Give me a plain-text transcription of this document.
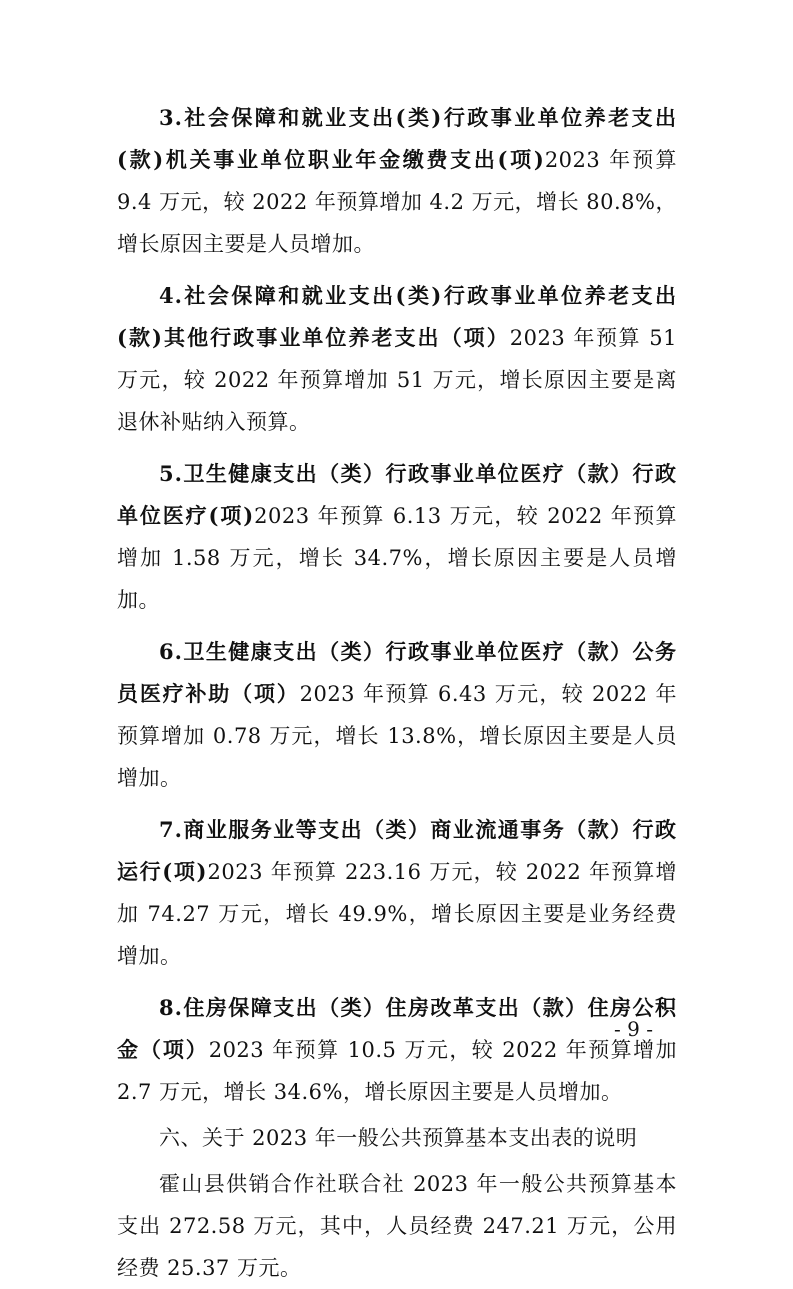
3.社会保障和就业支出(类)行政事业单位养老支出(款)机关事业单位职业年金缴费支出(项)2023 年预算 9.4 万元，较 2022 年预算增加 4.2 万元，增长 80.8%，增长原因主要是人员增加。

4.社会保障和就业支出(类)行政事业单位养老支出(款)其他行政事业单位养老支出（项）2023 年预算 51 万元，较 2022 年预算增加 51 万元，增长原因主要是离退休补贴纳入预算。

5.卫生健康支出（类）行政事业单位医疗（款）行政单位医疗(项)2023 年预算 6.13 万元，较 2022 年预算增加 1.58 万元，增长 34.7%，增长原因主要是人员增加。

6.卫生健康支出（类）行政事业单位医疗（款）公务员医疗补助（项）2023 年预算 6.43 万元，较 2022 年预算增加 0.78 万元，增长 13.8%，增长原因主要是人员增加。

7.商业服务业等支出（类）商业流通事务（款）行政运行(项)2023 年预算 223.16 万元，较 2022 年预算增加 74.27 万元，增长 49.9%，增长原因主要是业务经费增加。

8.住房保障支出（类）住房改革支出（款）住房公积金（项）2023 年预算 10.5 万元，较 2022 年预算增加 2.7 万元，增长 34.6%，增长原因主要是人员增加。

六、关于 2023 年一般公共预算基本支出表的说明

霍山县供销合作社联合社 2023 年一般公共预算基本支出 272.58 万元，其中，人员经费 247.21 万元，公用经费 25.37 万元。

- 9 -
